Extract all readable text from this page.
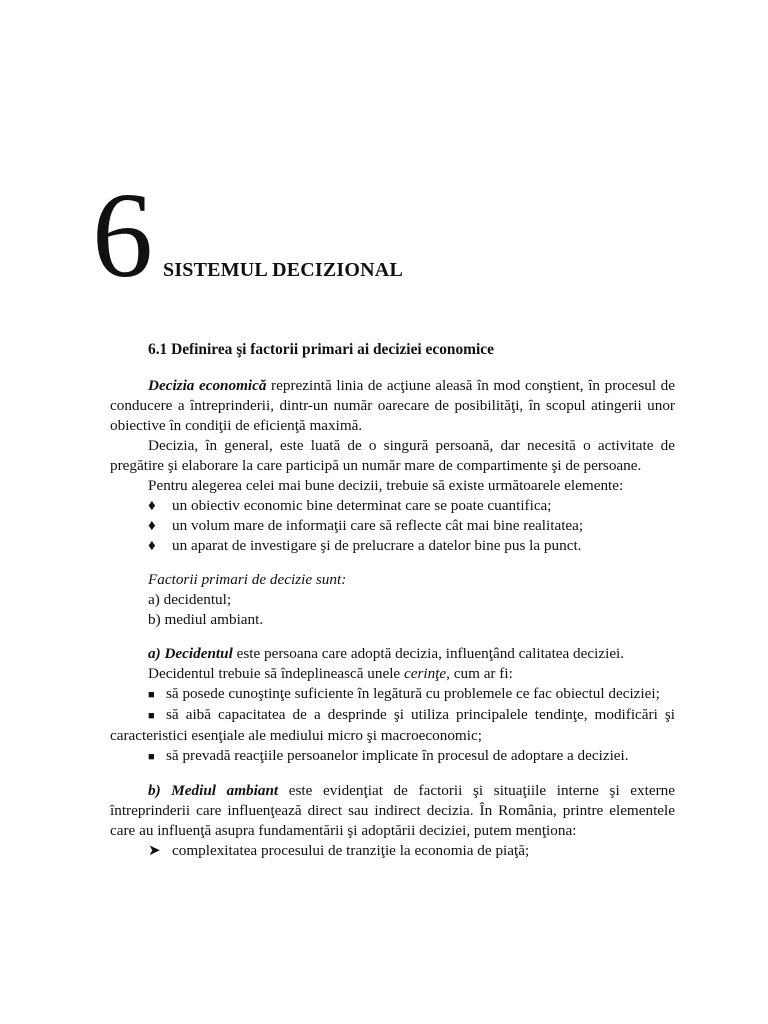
6 SISTEMUL DECIZIONAL
6.1 Definirea şi factorii primari ai deciziei economice

Decizia economică reprezintă linia de acţiune aleasă în mod conştient, în procesul de conducere a întreprinderii, dintr-un număr oarecare de posibilităţi, în scopul atingerii unor obiective în condiţii de eficienţă maximă.

Decizia, în general, este luată de o singură persoană, dar necesită o activitate de pregătire şi elaborare la care participă un număr mare de compartimente şi de persoane.

Pentru alegerea celei mai bune decizii, trebuie să existe următoarele elemente:

♦ un obiectiv economic bine determinat care se poate cuantifica;
♦ un volum mare de informaţii care să reflecte cât mai bine realitatea;
♦ un aparat de investigare şi de prelucrare a datelor bine pus la punct.

Factorii primari de decizie sunt:

a) decidentul;

b) mediul ambiant.

a) Decidentul este persoana care adoptă decizia, influenţând calitatea deciziei.

Decidentul trebuie să îndeplinească unele cerinţe, cum ar fi:

■ să posede cunoştinţe suficiente în legătură cu problemele ce fac obiectul deciziei;
■ să aibă capacitatea de a desprinde şi utiliza principalele tendinţe, modificări şi caracteristici esenţiale ale mediului micro şi macroeconomic;
■ să prevadă reacţiile persoanelor implicate în procesul de adoptare a deciziei.

b) Mediul ambiant este evidenţiat de factorii şi situaţiile interne şi externe întreprinderii care influenţează direct sau indirect decizia. În România, printre elementele care au influenţă asupra fundamentării şi adoptării deciziei, putem menţiona:

➤ complexitatea procesului de tranziţie la economia de piaţă;
